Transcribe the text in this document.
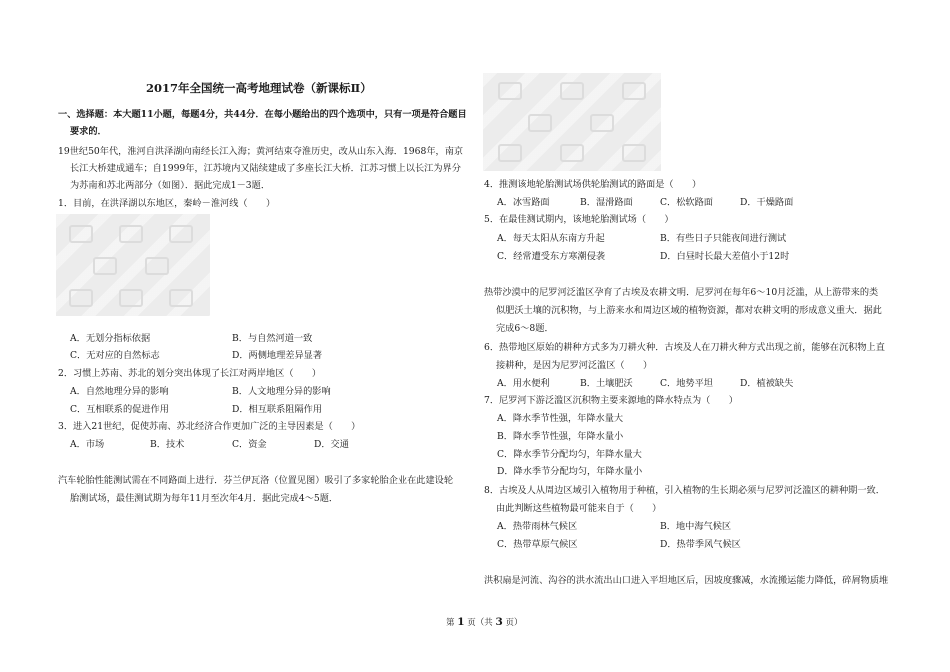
2017年全国统一高考地理试卷（新课标Ⅱ）
一、选择题：本大题11小题，每题4分，共44分．在每小题给出的四个选项中，只有一项是符合题目
要求的．
19世纪50年代，淮河自洪泽湖向南经长江入海；黄河结束夺淮历史，改从山东入海．1968年，南京
长江大桥建成通车；自1999年，江苏境内又陆续建成了多座长江大桥．江苏习惯上以长江为界分
为苏南和苏北两部分（如图）．据此完成1－3题．
1．目前，在洪泽湖以东地区，秦岭－淮河线（　　）
A．无划分指标依据	B．与自然河道一致
C．无对应的自然标志	D．两侧地理差异显著
2．习惯上苏南、苏北的划分突出体现了长江对两岸地区（　　）
A．自然地理分异的影响	B．人文地理分异的影响
C．互相联系的促进作用	D．相互联系阻隔作用
3．进入21世纪，促使苏南、苏北经济合作更加广泛的主导因素是（　　）
A．市场	B．技术	C．资金	D．交通
汽车轮胎性能测试需在不同路面上进行．芬兰伊瓦洛（位置见图）吸引了多家轮胎企业在此建设轮
胎测试场，最佳测试期为每年11月至次年4月．据此完成4～5题．
4．推测该地轮胎测试场供轮胎测试的路面是（　　）
A．冰雪路面	B．湿滑路面	C．松软路面	D．干燥路面
5．在最佳测试期内，该地轮胎测试场（　　）
A．每天太阳从东南方升起	B．有些日子只能夜间进行测试
C．经常遭受东方寒潮侵袭	D．白昼时长最大差值小于12时
热带沙漠中的尼罗河泛滥区孕育了古埃及农耕文明．尼罗河在每年6～10月泛滥，从上游带来的类
似肥沃土壤的沉积物，与上游来水和周边区域的植物资源，都对农耕文明的形成意义重大．据此
完成6～8题．
6．热带地区原始的耕种方式多为刀耕火种．古埃及人在刀耕火种方式出现之前，能够在沉积物上直
接耕种，是因为尼罗河泛滥区（　　）
A．用水便利	B．土壤肥沃	C．地势平坦	D．植被缺失
7．尼罗河下游泛滥区沉积物主要来源地的降水特点为（　　）
A．降水季节性强，年降水量大
B．降水季节性强，年降水量小
C．降水季节分配均匀，年降水量大
D．降水季节分配均匀，年降水量小
8．古埃及人从周边区域引入植物用于种植，引入植物的生长期必须与尼罗河泛滥区的耕种期一致．
由此判断这些植物最可能来自于（　　）
A．热带雨林气候区	B．地中海气候区
C．热带草原气候区	D．热带季风气候区
洪积扇是河流、沟谷的洪水流出山口进入平坦地区后，因坡度骤减，水流搬运能力降低，碎屑物质堆
第 1 页（共 3 页）
